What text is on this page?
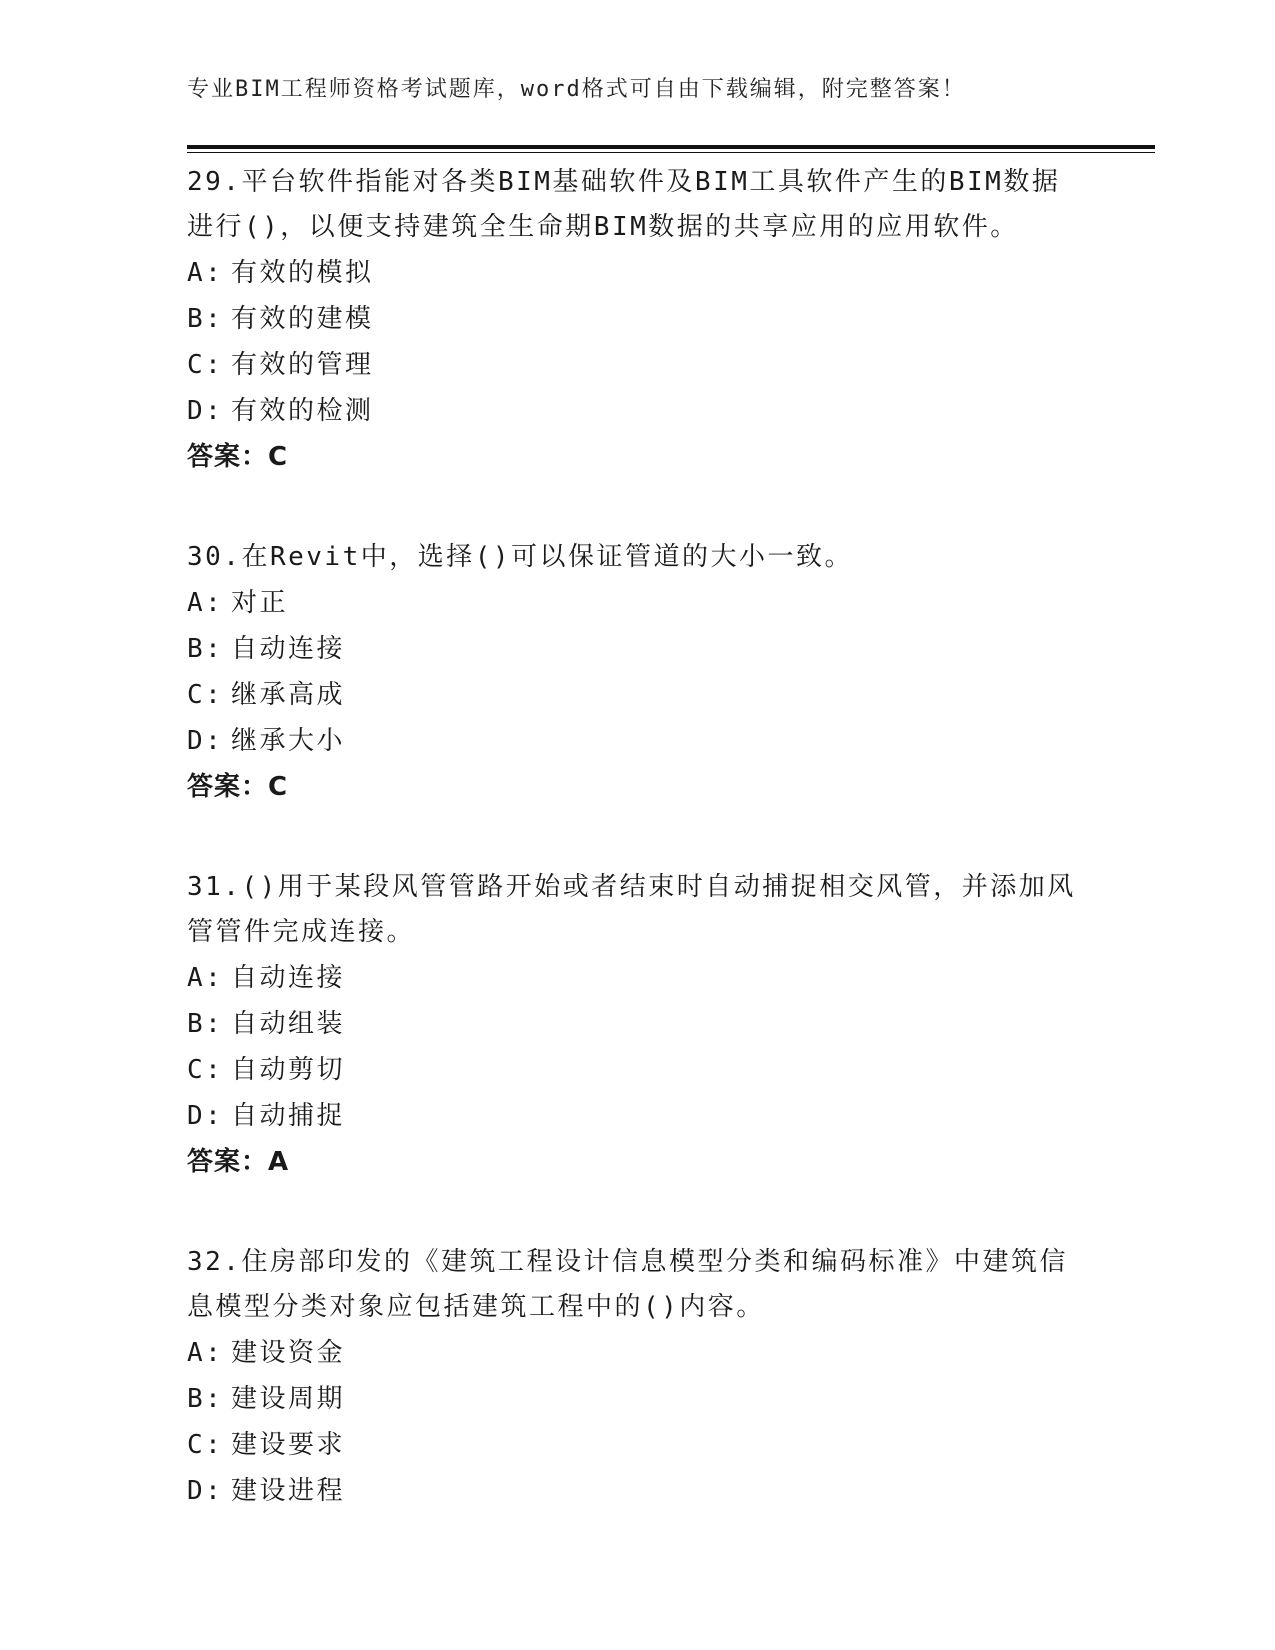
专业BIM工程师资格考试题库，word格式可自由下载编辑，附完整答案！

29.平台软件指能对各类BIM基础软件及BIM工具软件产生的BIM数据进行()，以便支持建筑全生命期BIM数据的共享应用的应用软件。

A: 有效的模拟

B: 有效的建模

C: 有效的管理

D: 有效的检测

答案：C

30.在Revit中，选择()可以保证管道的大小一致。

A: 对正

B: 自动连接

C: 继承高成

D: 继承大小

答案：C

31.()用于某段风管管路开始或者结束时自动捕捉相交风管，并添加风管管件完成连接。

A: 自动连接

B: 自动组装

C: 自动剪切

D: 自动捕捉

答案：A

32.住房部印发的《建筑工程设计信息模型分类和编码标准》中建筑信息模型分类对象应包括建筑工程中的()内容。

A: 建设资金

B: 建设周期

C: 建设要求

D: 建设进程
